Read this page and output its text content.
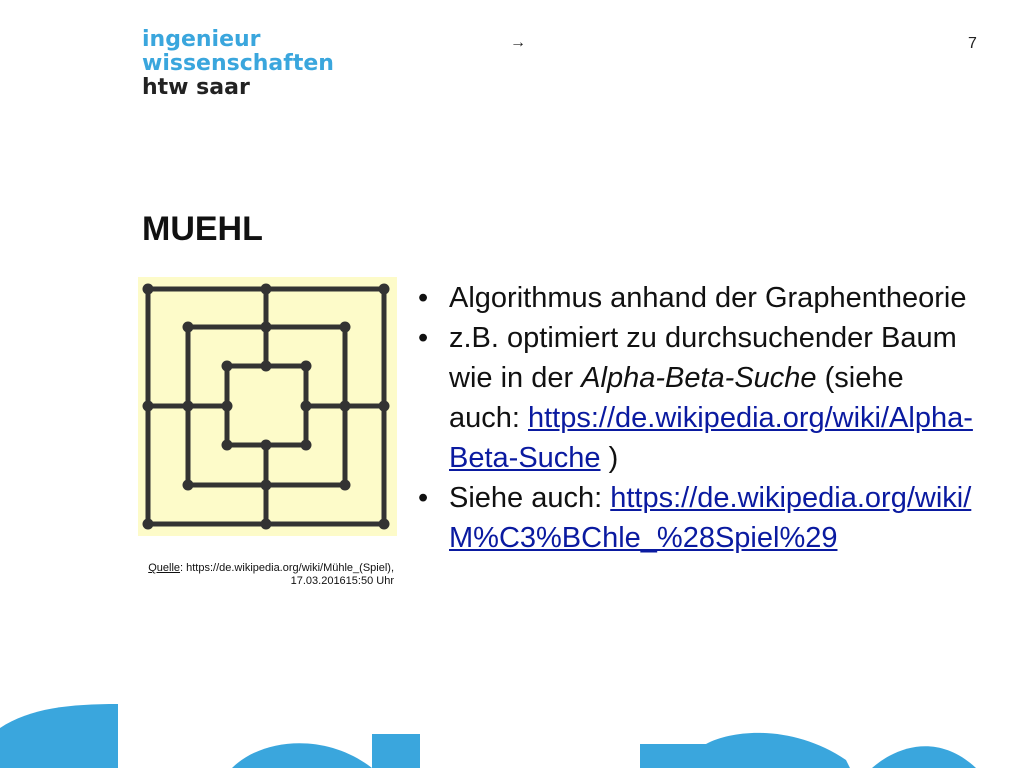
ingenieur
wissenschaften
htw saar
→	7
MUEHL
Quelle: https://de.wikipedia.org/wiki/Mühle_(Spiel), 17.03.201615:50 Uhr
• Algorithmus anhand der Graphentheorie
• z.B. optimiert zu durchsuchender Baum wie in der Alpha-Beta-Suche (siehe auch: https://de.wikipedia.org/wiki/Alpha-Beta-Suche )
• Siehe auch: https://de.wikipedia.org/wiki/M%C3%BChle_%28Spiel%29
